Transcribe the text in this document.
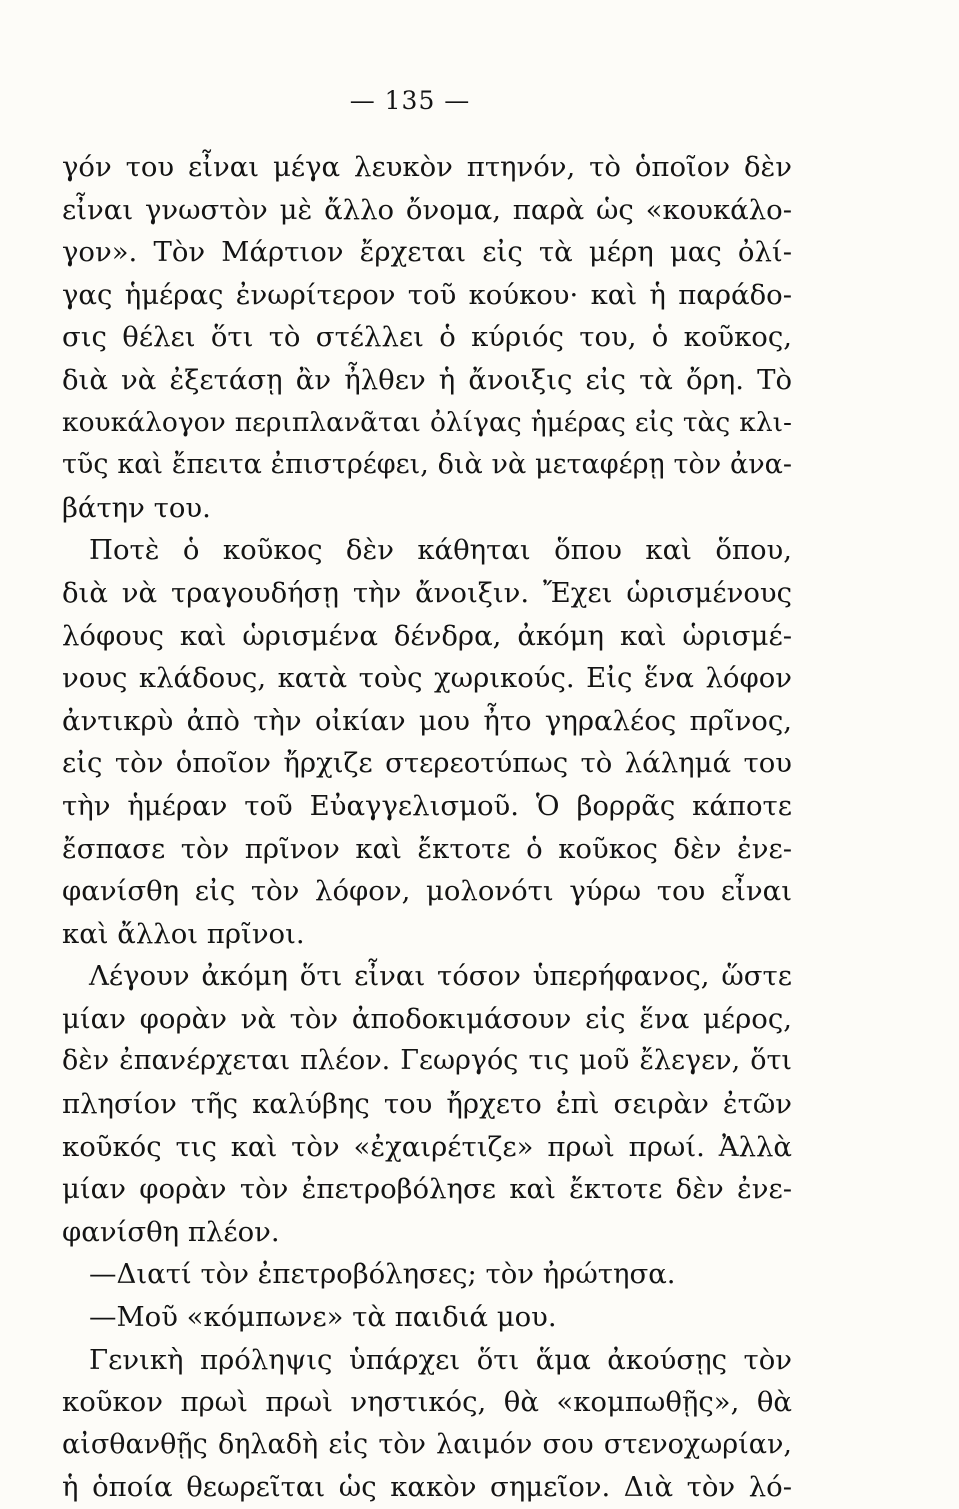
— 135 —
γόν του εἶναι μέγα λευκὸν πτηνόν, τὸ ὁποῖον δὲν
εἶναι γνωστὸν μὲ ἄλλο ὄνομα, παρὰ ὡς «κουκάλο-
γον». Τὸν Μάρτιον ἔρχεται εἰς τὰ μέρη μας ὀλί-
γας ἡμέρας ἐνωρίτερον τοῦ κούκου· καὶ ἡ παράδο-
σις θέλει ὅτι τὸ στέλλει ὁ κύριός του, ὁ κοῦκος,
διὰ νὰ ἐξετάσῃ ἂν ἦλθεν ἡ ἄνοιξις εἰς τὰ ὄρη. Τὸ
κουκάλογον περιπλανᾶται ὀλίγας ἡμέρας εἰς τὰς κλι-
τῦς καὶ ἔπειτα ἐπιστρέφει, διὰ νὰ μεταφέρῃ τὸν ἀνα-
βάτην του.
Ποτὲ ὁ κοῦκος δὲν κάθηται ὅπου καὶ ὅπου,
διὰ νὰ τραγουδήσῃ τὴν ἄνοιξιν. Ἔχει ὡρισμένους
λόφους καὶ ὡρισμένα δένδρα, ἀκόμη καὶ ὡρισμέ-
νους κλάδους, κατὰ τοὺς χωρικούς. Εἰς ἕνα λόφον
ἀντικρὺ ἀπὸ τὴν οἰκίαν μου ἦτο γηραλέος πρῖνος,
εἰς τὸν ὁποῖον ἤρχιζε στερεοτύπως τὸ λάλημά του
τὴν ἡμέραν τοῦ Εὐαγγελισμοῦ. Ὁ βορρᾶς κάποτε
ἔσπασε τὸν πρῖνον καὶ ἔκτοτε ὁ κοῦκος δὲν ἐνε-
φανίσθη εἰς τὸν λόφον, μολονότι γύρω του εἶναι
καὶ ἄλλοι πρῖνοι.
Λέγουν ἀκόμη ὅτι εἶναι τόσον ὑπερήφανος, ὥστε
μίαν φορὰν νὰ τὸν ἀποδοκιμάσουν εἰς ἕνα μέρος,
δὲν ἐπανέρχεται πλέον. Γεωργός τις μοῦ ἔλεγεν, ὅτι
πλησίον τῆς καλύβης του ἤρχετο ἐπὶ σειρὰν ἐτῶν
κοῦκός τις καὶ τὸν «ἐχαιρέτιζε» πρωὶ πρωί. Ἀλλὰ
μίαν φορὰν τὸν ἐπετροβόλησε καὶ ἔκτοτε δὲν ἐνε-
φανίσθη πλέον.
—Διατί τὸν ἐπετροβόλησες; τὸν ἠρώτησα.
—Μοῦ «κόμπωνε» τὰ παιδιά μου.
Γενικὴ πρόληψις ὑπάρχει ὅτι ἅμα ἀκούσῃς τὸν
κοῦκον πρωὶ πρωὶ νηστικός, θὰ «κομπωθῇς», θὰ
αἰσθανθῇς δηλαδὴ εἰς τὸν λαιμόν σου στενοχωρίαν,
ἡ ὁποία θεωρεῖται ὡς κακὸν σημεῖον. Διὰ τὸν λό-
